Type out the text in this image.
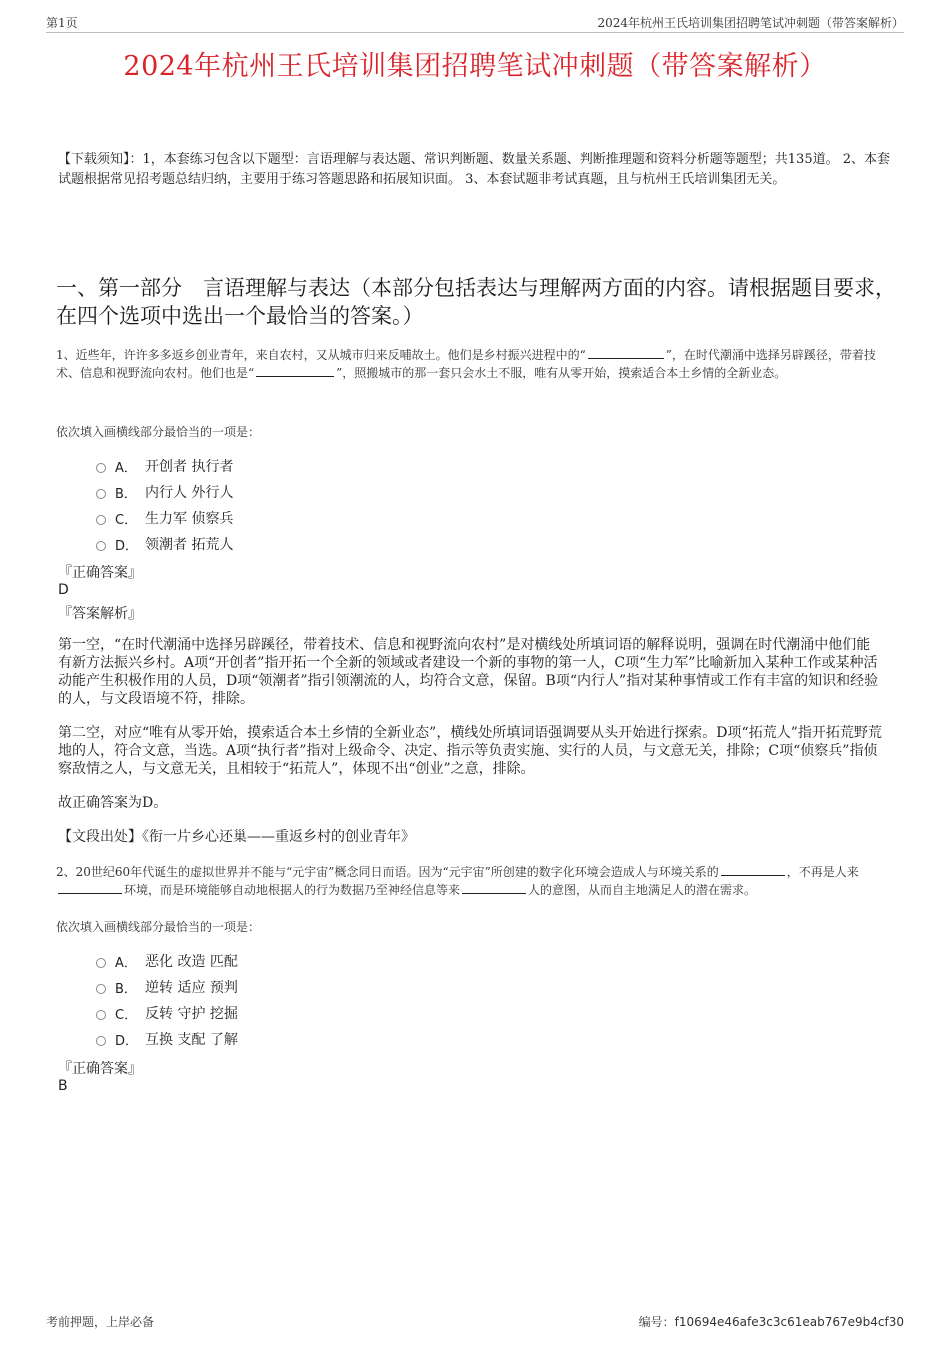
第1页	2024年杭州王氏培训集团招聘笔试冲刺题（带答案解析）
2024年杭州王氏培训集团招聘笔试冲刺题（带答案解析）
【下载须知】：1，本套练习包含以下题型：言语理解与表达题、常识判断题、数量关系题、判断推理题和资料分析题等题型；共135道。 2、本套试题根据常见招考题总结归纳，主要用于练习答题思路和拓展知识面。 3、本套试题非考试真题，且与杭州王氏培训集团无关。
一、第一部分　言语理解与表达（本部分包括表达与理解两方面的内容。请根据题目要求，在四个选项中选出一个最恰当的答案。）
1、近些年，许许多多返乡创业青年，来自农村，又从城市归来反哺故土。他们是乡村振兴进程中的“	”，在时代潮涌中选择另辟蹊径，带着技术、信息和视野流向农村。他们也是“	”，照搬城市的那一套只会水土不服，唯有从零开始，摸索适合本土乡情的全新业态。
依次填入画横线部分最恰当的一项是：
A． 开创者 执行者
B． 内行人 外行人
C． 生力军 侦察兵
D． 领潮者 拓荒人
『正确答案』
D
『答案解析』
第一空，“在时代潮涌中选择另辟蹊径，带着技术、信息和视野流向农村”是对横线处所填词语的解释说明，强调在时代潮涌中他们能有新方法振兴乡村。A项“开创者”指开拓一个全新的领域或者建设一个新的事物的第一人，C项“生力军”比喻新加入某种工作或某种活动能产生积极作用的人员，D项“领潮者”指引领潮流的人，均符合文意，保留。B项“内行人”指对某种事情或工作有丰富的知识和经验的人，与文段语境不符，排除。
第二空，对应“唯有从零开始，摸索适合本土乡情的全新业态”，横线处所填词语强调要从头开始进行探索。D项“拓荒人”指开拓荒野荒地的人，符合文意，当选。A项“执行者”指对上级命令、决定、指示等负责实施、实行的人员，与文意无关，排除；C项“侦察兵”指侦察敌情之人，与文意无关，且相较于“拓荒人”，体现不出“创业”之意，排除。
故正确答案为D。
【文段出处】《衔一片乡心还巢——重返乡村的创业青年》
2、20世纪60年代诞生的虚拟世界并不能与“元宇宙”概念同日而语。因为“元宇宙”所创建的数字化环境会造成人与环境关系的	，不再是人来环境，而是环境能够自动地根据人的行为数据乃至神经信息等来	人的意图，从而自主地满足人的潜在需求。
依次填入画横线部分最恰当的一项是：
A． 恶化 改造 匹配
B． 逆转 适应 预判
C． 反转 守护 挖掘
D． 互换 支配 了解
『正确答案』
B
考前押题，上岸必备	编号：f10694e46afe3c3c61eab767e9b4cf30
